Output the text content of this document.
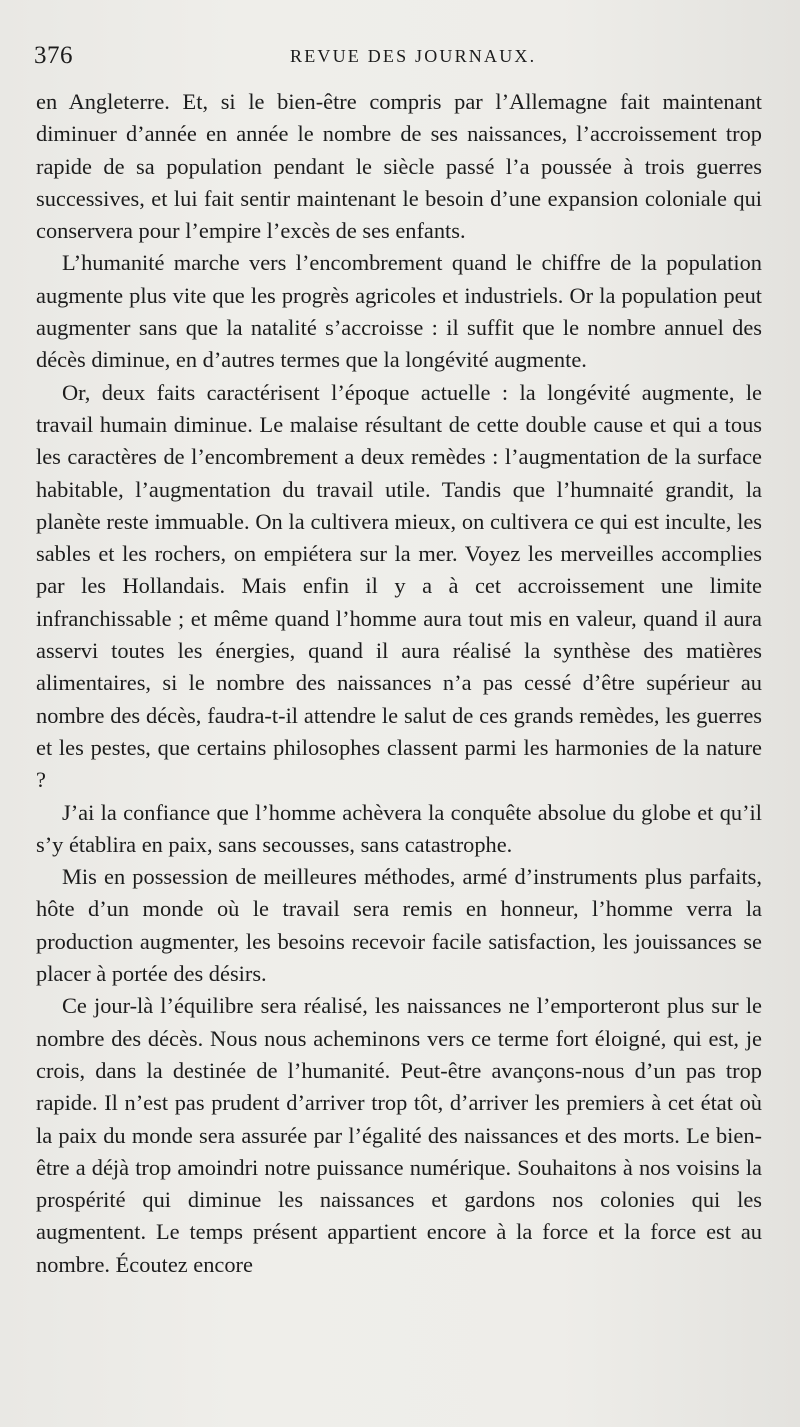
376	REVUE DES JOURNAUX.

en Angleterre. Et, si le bien-être compris par l’Allemagne fait maintenant diminuer d’année en année le nombre de ses naissances, l’accroissement trop rapide de sa population pendant le siècle passé l’a poussée à trois guerres successives, et lui fait sentir maintenant le besoin d’une expansion coloniale qui conservera pour l’empire l’excès de ses enfants.

L’humanité marche vers l’encombrement quand le chiffre de la population augmente plus vite que les progrès agricoles et industriels. Or la population peut augmenter sans que la natalité s’accroisse : il suffit que le nombre annuel des décès diminue, en d’autres termes que la longévité augmente.

Or, deux faits caractérisent l’époque actuelle : la longévité augmente, le travail humain diminue. Le malaise résultant de cette double cause et qui a tous les caractères de l’encombrement a deux remèdes : l’augmentation de la surface habitable, l’augmentation du travail utile. Tandis que l’humnaité grandit, la planète reste immuable. On la cultivera mieux, on cultivera ce qui est inculte, les sables et les rochers, on empiétera sur la mer. Voyez les merveilles accomplies par les Hollandais. Mais enfin il y a à cet accroissement une limite infranchissable ; et même quand l’homme aura tout mis en valeur, quand il aura asservi toutes les énergies, quand il aura réalisé la synthèse des matières alimentaires, si le nombre des naissances n’a pas cessé d’être supérieur au nombre des décès, faudra-t-il attendre le salut de ces grands remèdes, les guerres et les pestes, que certains philosophes classent parmi les harmonies de la nature ?

J’ai la confiance que l’homme achèvera la conquête absolue du globe et qu’il s’y établira en paix, sans secousses, sans catastrophe.

Mis en possession de meilleures méthodes, armé d’instruments plus parfaits, hôte d’un monde où le travail sera remis en honneur, l’homme verra la production augmenter, les besoins recevoir facile satisfaction, les jouissances se placer à portée des désirs.

Ce jour-là l’équilibre sera réalisé, les naissances ne l’emporteront plus sur le nombre des décès. Nous nous acheminons vers ce terme fort éloigné, qui est, je crois, dans la destinée de l’humanité. Peut-être avançons-nous d’un pas trop rapide. Il n’est pas prudent d’arriver trop tôt, d’arriver les premiers à cet état où la paix du monde sera assurée par l’égalité des naissances et des morts. Le bien-être a déjà trop amoindri notre puissance numérique. Souhaitons à nos voisins la prospérité qui diminue les naissances et gardons nos colonies qui les augmentent. Le temps présent appartient encore à la force et la force est au nombre. Écoutez encore
